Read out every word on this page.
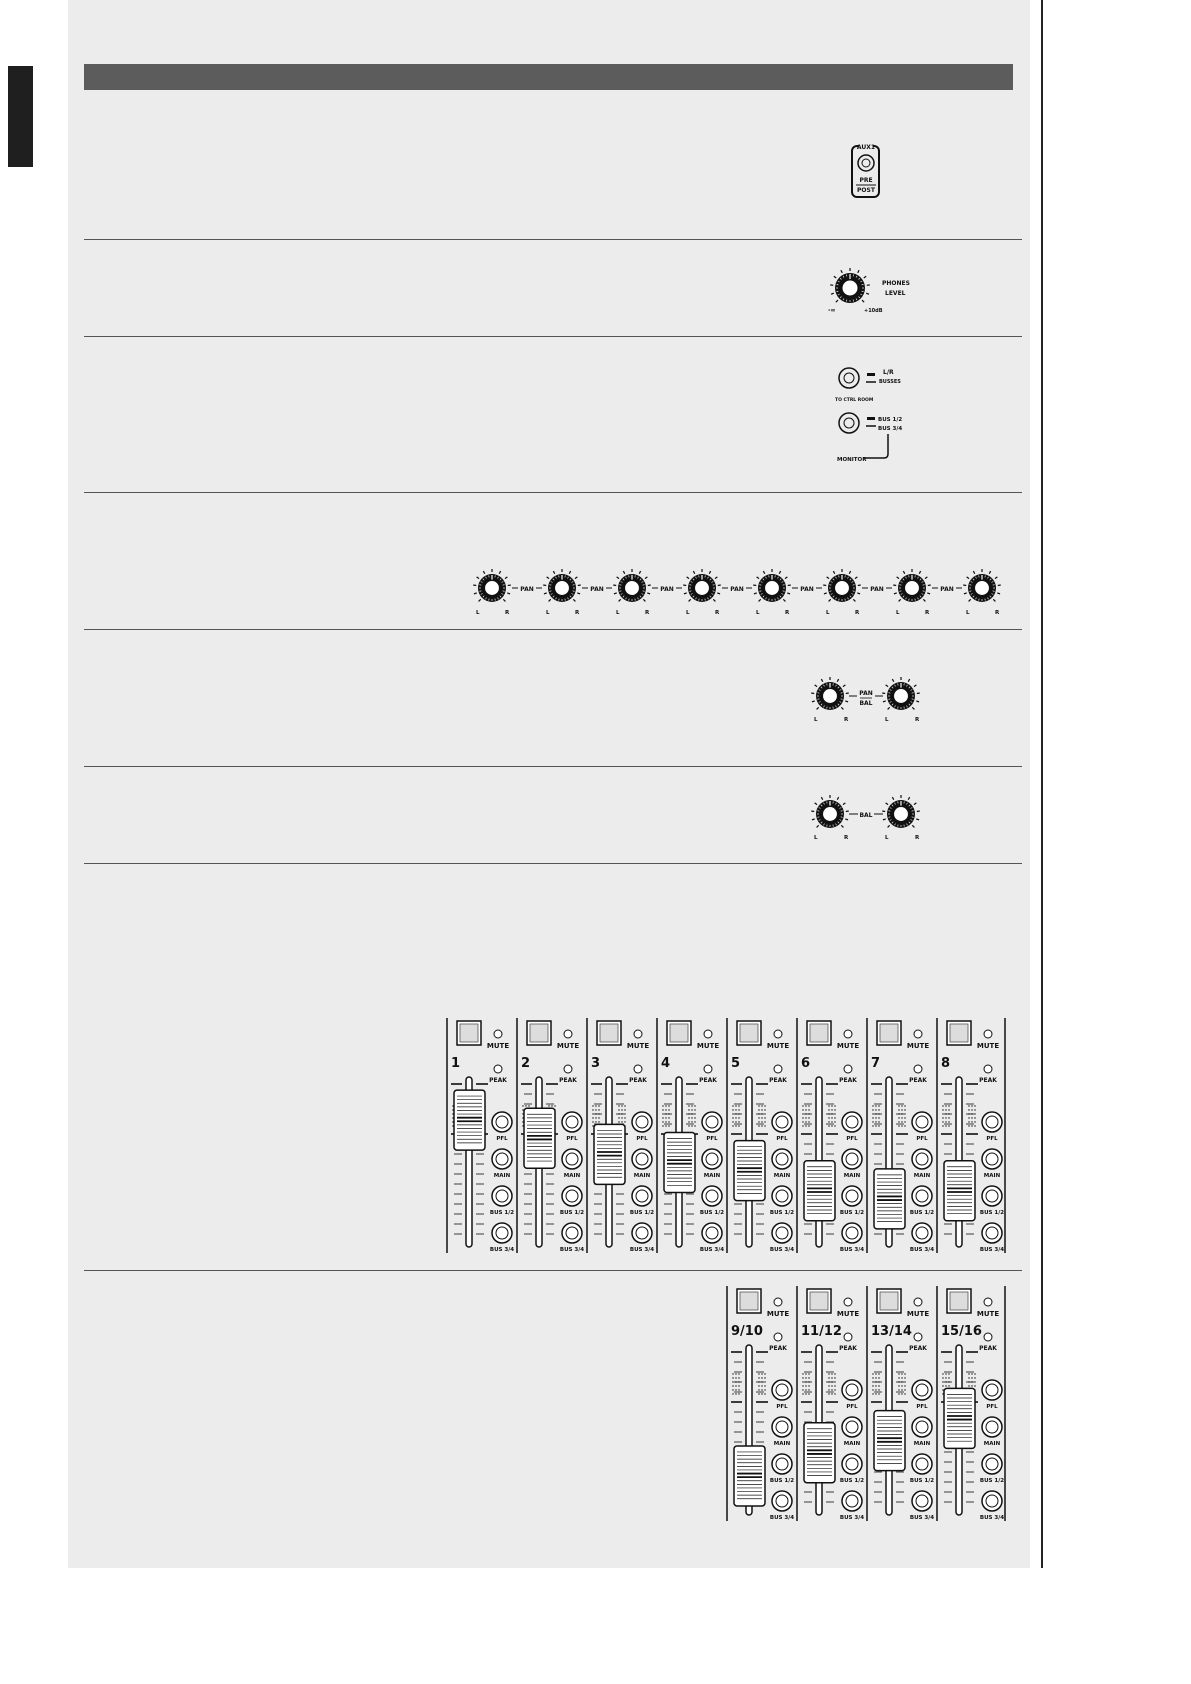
AUX1
PRE
POST
PHONES
LEVEL
-∞	+10dB
L/R
BUSSES
TO CTRL ROOM
BUS 1/2
BUS 3/4
MONITOR
L	R
PAN
L	R
PAN
L	R
PAN
L	R
PAN
L	R
PAN
L	R
PAN
L	R
PAN
L	R
PAN
BAL
L	R	L	R
BAL
L	R	L	R
MUTE
1
PEAK
PFL
MAIN
BUS 1/2
BUS 3/4
MUTE
2
PEAK
PFL
MAIN
BUS 1/2
BUS 3/4
MUTE
3
PEAK
PFL
MAIN
BUS 1/2
BUS 3/4
MUTE
4
PEAK
PFL
MAIN
BUS 1/2
BUS 3/4
MUTE
5
PEAK
PFL
MAIN
BUS 1/2
BUS 3/4
MUTE
6
PEAK
PFL
MAIN
BUS 1/2
BUS 3/4
MUTE
7
PEAK
PFL
MAIN
BUS 1/2
BUS 3/4
MUTE
8
PEAK
PFL
MAIN
BUS 1/2
BUS 3/4
MUTE
9/10
PEAK
PFL
MAIN
BUS 1/2
BUS 3/4
MUTE
11/12
PEAK
PFL
MAIN
BUS 1/2
BUS 3/4
MUTE
13/14
PEAK
PFL
MAIN
BUS 1/2
BUS 3/4
MUTE
15/16
PEAK
PFL
MAIN
BUS 1/2
BUS 3/4
